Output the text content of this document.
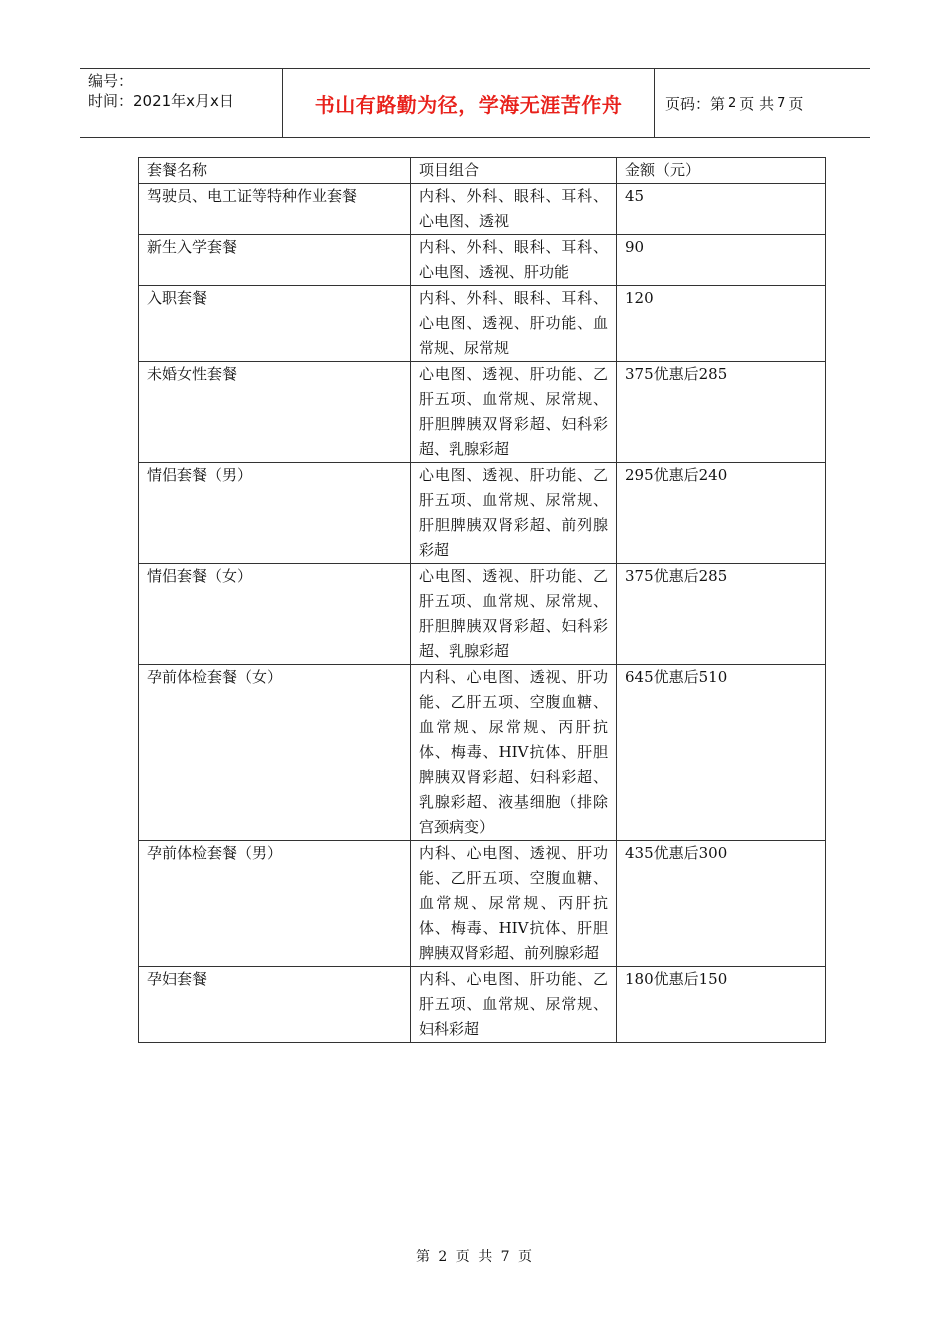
编号：
时间：2021年x月x日	书山有路勤为径，学海无涯苦作舟	页码：第 2 页 共 7 页
套餐名称	项目组合	金额（元）
驾驶员、电工证等特种作业套餐	内科、外科、眼科、耳科、心电图、透视	45
新生入学套餐	内科、外科、眼科、耳科、心电图、透视、肝功能	90
入职套餐	内科、外科、眼科、耳科、心电图、透视、肝功能、血常规、尿常规	120
未婚女性套餐	心电图、透视、肝功能、乙肝五项、血常规、尿常规、肝胆脾胰双肾彩超、妇科彩超、乳腺彩超	375优惠后285
情侣套餐（男）	心电图、透视、肝功能、乙肝五项、血常规、尿常规、肝胆脾胰双肾彩超、前列腺彩超	295优惠后240
情侣套餐（女）	心电图、透视、肝功能、乙肝五项、血常规、尿常规、肝胆脾胰双肾彩超、妇科彩超、乳腺彩超	375优惠后285
孕前体检套餐（女）	内科、心电图、透视、肝功能、乙肝五项、空腹血糖、血常规、尿常规、丙肝抗体、梅毒、HIV抗体、肝胆脾胰双肾彩超、妇科彩超、乳腺彩超、液基细胞（排除宫颈病变）	645优惠后510
孕前体检套餐（男）	内科、心电图、透视、肝功能、乙肝五项、空腹血糖、血常规、尿常规、丙肝抗体、梅毒、HIV抗体、肝胆脾胰双肾彩超、前列腺彩超	435优惠后300
孕妇套餐	内科、心电图、肝功能、乙肝五项、血常规、尿常规、妇科彩超	180优惠后150
第 2 页 共 7 页
